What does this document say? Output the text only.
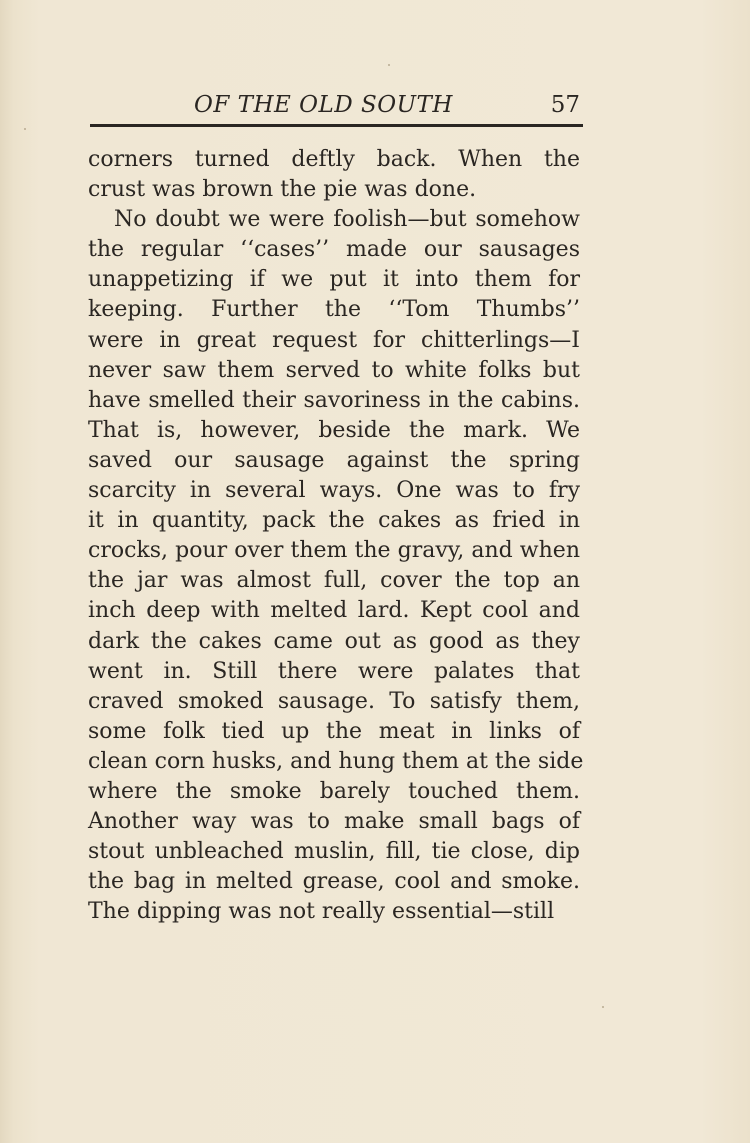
OF THE OLD SOUTH	57
corners turned deftly back. When the
crust was brown the pie was done.
No doubt we were foolish—but somehow
the regular ‘‘cases’’ made our sausages
unappetizing if we put it into them for
keeping. Further the ‘‘Tom Thumbs’’
were in great request for chitterlings—I
never saw them served to white folks but
have smelled their savoriness in the cabins.
That is, however, beside the mark. We
saved our sausage against the spring
scarcity in several ways. One was to fry
it in quantity, pack the cakes as fried in
crocks, pour over them the gravy, and when
the jar was almost full, cover the top an
inch deep with melted lard. Kept cool and
dark the cakes came out as good as they
went in. Still there were palates that
craved smoked sausage. To satisfy them,
some folk tied up the meat in links of
clean corn husks, and hung them at the side
where the smoke barely touched them.
Another way was to make small bags of
stout unbleached muslin, fill, tie close, dip
the bag in melted grease, cool and smoke.
The dipping was not really essential—still
